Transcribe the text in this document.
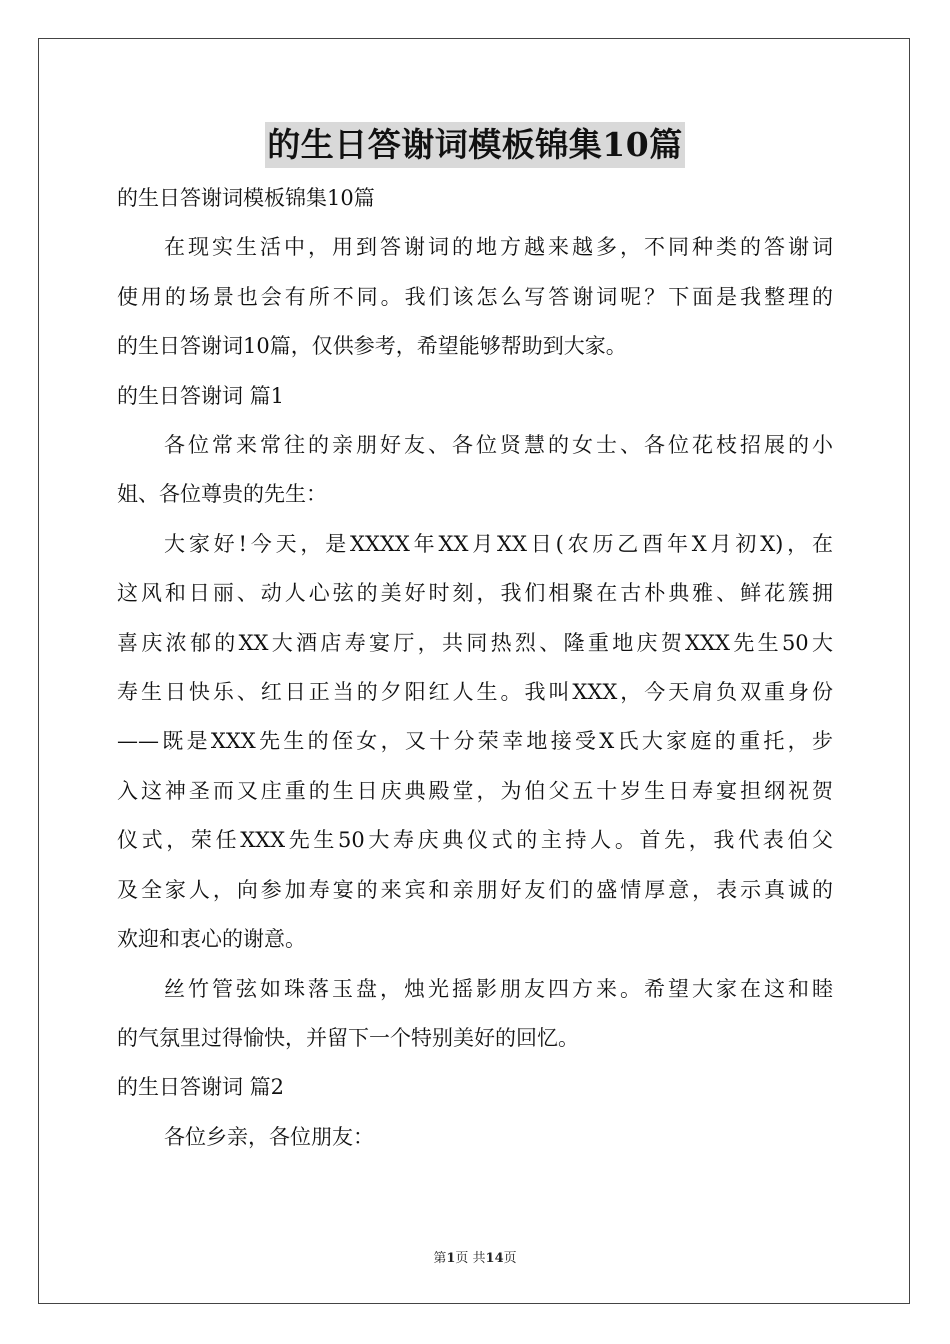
的生日答谢词模板锦集10篇

的生日答谢词模板锦集10篇

在现实生活中，用到答谢词的地方越来越多，不同种类的答谢词

使用的场景也会有所不同。我们该怎么写答谢词呢？下面是我整理的

的生日答谢词10篇，仅供参考，希望能够帮助到大家。

的生日答谢词 篇1

各位常来常往的亲朋好友、各位贤慧的女士、各位花枝招展的小

姐、各位尊贵的先生：

大家好!今天，是XXXX年XX月XX日(农历乙酉年X月初X)，在

这风和日丽、动人心弦的美好时刻，我们相聚在古朴典雅、鲜花簇拥

喜庆浓郁的XX大酒店寿宴厅，共同热烈、隆重地庆贺XXX先生50大

寿生日快乐、红日正当的夕阳红人生。我叫XXX，今天肩负双重身份

——既是XXX先生的侄女，又十分荣幸地接受X氏大家庭的重托，步

入这神圣而又庄重的生日庆典殿堂，为伯父五十岁生日寿宴担纲祝贺

仪式，荣任XXX先生50大寿庆典仪式的主持人。首先，我代表伯父

及全家人，向参加寿宴的来宾和亲朋好友们的盛情厚意，表示真诚的

欢迎和衷心的谢意。

丝竹管弦如珠落玉盘，烛光摇影朋友四方来。希望大家在这和睦

的气氛里过得愉快，并留下一个特别美好的回忆。

的生日答谢词 篇2

各位乡亲，各位朋友：

第1页 共14页
